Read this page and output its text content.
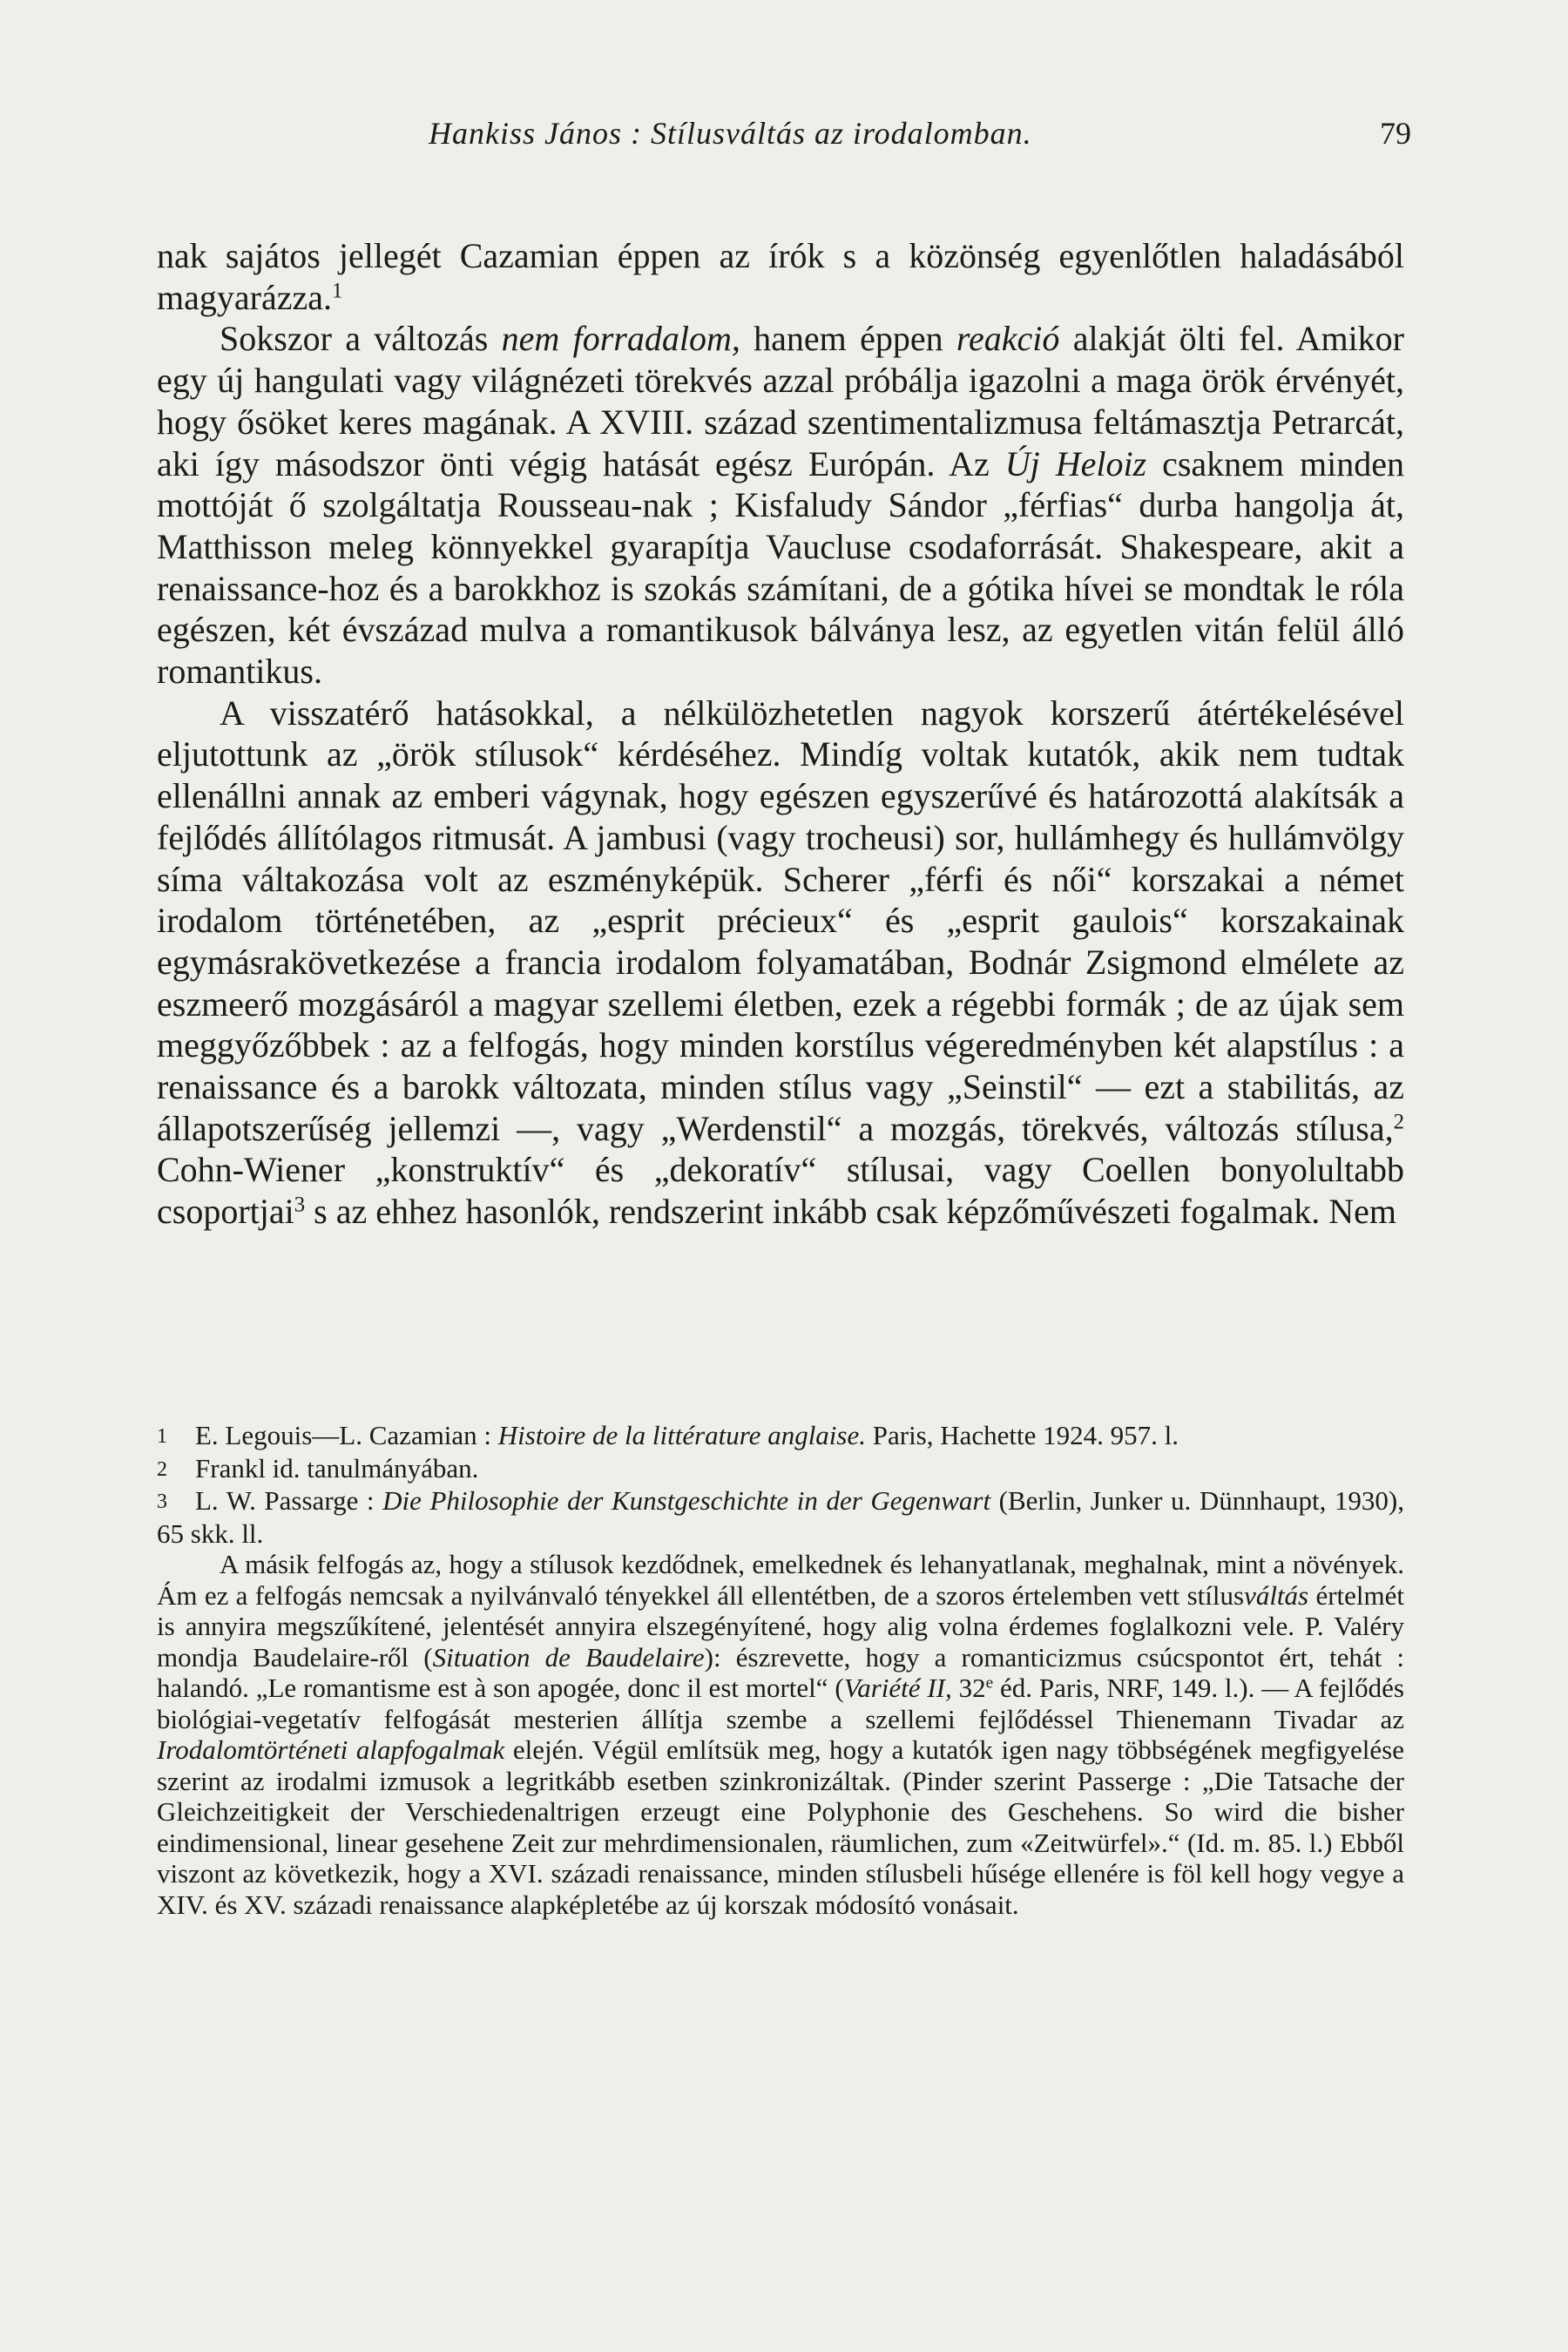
Hankiss János : Stílusváltás az irodalomban.	79

nak sajátos jellegét Cazamian éppen az írók s a közönség egyenlőtlen haladásából magyarázza.$^1$

Sokszor a változás nem forradalom, hanem éppen reakció alakját ölti fel. Amikor egy új hangulati vagy világnézeti törekvés azzal próbálja igazolni a maga örök érvényét, hogy ősöket keres magának. A XVIII. század szentimentalizmusa feltámasztja Petrarcát, aki így másodszor önti végig hatását egész Európán. Az Új Heloiz csaknem minden mottóját ő szolgáltatja Rousseau-nak ; Kisfaludy Sándor „férfias“ durba hangolja át, Matthisson meleg könnyekkel gyarapítja Vaucluse csodaforrását. Shakespeare, akit a renaissance-hoz és a barokkhoz is szokás számítani, de a gótika hívei se mondtak le róla egészen, két évszázad mulva a romantikusok bálványa lesz, az egyetlen vitán felül álló romantikus.

A visszatérő hatásokkal, a nélkülözhetetlen nagyok korszerű átértékelésével eljutottunk az „örök stílusok“ kérdéséhez. Mindíg voltak kutatók, akik nem tudtak ellenállni annak az emberi vágynak, hogy egészen egyszerűvé és határozottá alakítsák a fejlődés állítólagos ritmusát. A jambusi (vagy trocheusi) sor, hullámhegy és hullámvölgy síma váltakozása volt az eszményképük. Scherer „férfi és női“ korszakai a német irodalom történetében, az „esprit précieux“ és „esprit gaulois“ korszakainak egymásrakövetkezése a francia irodalom folyamatában, Bodnár Zsigmond elmélete az eszmeerő mozgásáról a magyar szellemi életben, ezek a régebbi formák ; de az újak sem meggyőzőbbek : az a felfogás, hogy minden korstílus végeredményben két alapstílus : a renaissance és a barokk változata, minden stílus vagy „Seinstil“ — ezt a stabilitás, az állapotszerűség jellemzi —, vagy „Werdenstil“ a mozgás, törekvés, változás stílusa,$^2$ Cohn-Wiener „konstruktív“ és „dekoratív“ stílusai, vagy Coellen bonyolultabb csoportjai$^3$ s az ehhez hasonlók, rendszerint inkább csak képzőművészeti fogalmak. Nem

1 E. Legouis—L. Cazamian : Histoire de la littérature anglaise. Paris, Hachette 1924. 957. l.

2 Frankl id. tanulmányában.

3 L. W. Passarge : Die Philosophie der Kunstgeschichte in der Gegenwart (Berlin, Junker u. Dünnhaupt, 1930), 65 skk. ll.

A másik felfogás az, hogy a stílusok kezdődnek, emelkednek és lehanyatlanak, meghalnak, mint a növények. Ám ez a felfogás nemcsak a nyilvánvaló tényekkel áll ellentétben, de a szoros értelemben vett stílusváltás értelmét is annyira megszűkítené, jelentését annyira elszegényítené, hogy alig volna érdemes foglalkozni vele. P. Valéry mondja Baudelaire-ről (Situation de Baudelaire): észrevette, hogy a romanticizmus csúcspontot ért, tehát : halandó. „Le romantisme est à son apogée, donc il est mortel“ (Variété II, 32e éd. Paris, NRF, 149. l.). — A fejlődés biológiai-vegetatív felfogását mesterien állítja szembe a szellemi fejlődéssel Thienemann Tivadar az Irodalomtörténeti alapfogalmak elején. Végül említsük meg, hogy a kutatók igen nagy többségének megfigyelése szerint az irodalmi izmusok a legritkább esetben szinkronizáltak. (Pinder szerint Passerge : „Die Tatsache der Gleichzeitigkeit der Verschiedenaltrigen erzeugt eine Polyphonie des Geschehens. So wird die bisher eindimensional, linear gesehene Zeit zur mehrdimensionalen, räumlichen, zum «Zeitwürfel».“ (Id. m. 85. l.) Ebből viszont az következik, hogy a XVI. századi renaissance, minden stílusbeli hűsége ellenére is föl kell hogy vegye a XIV. és XV. századi renaissance alapképletébe az új korszak módosító vonásait.
